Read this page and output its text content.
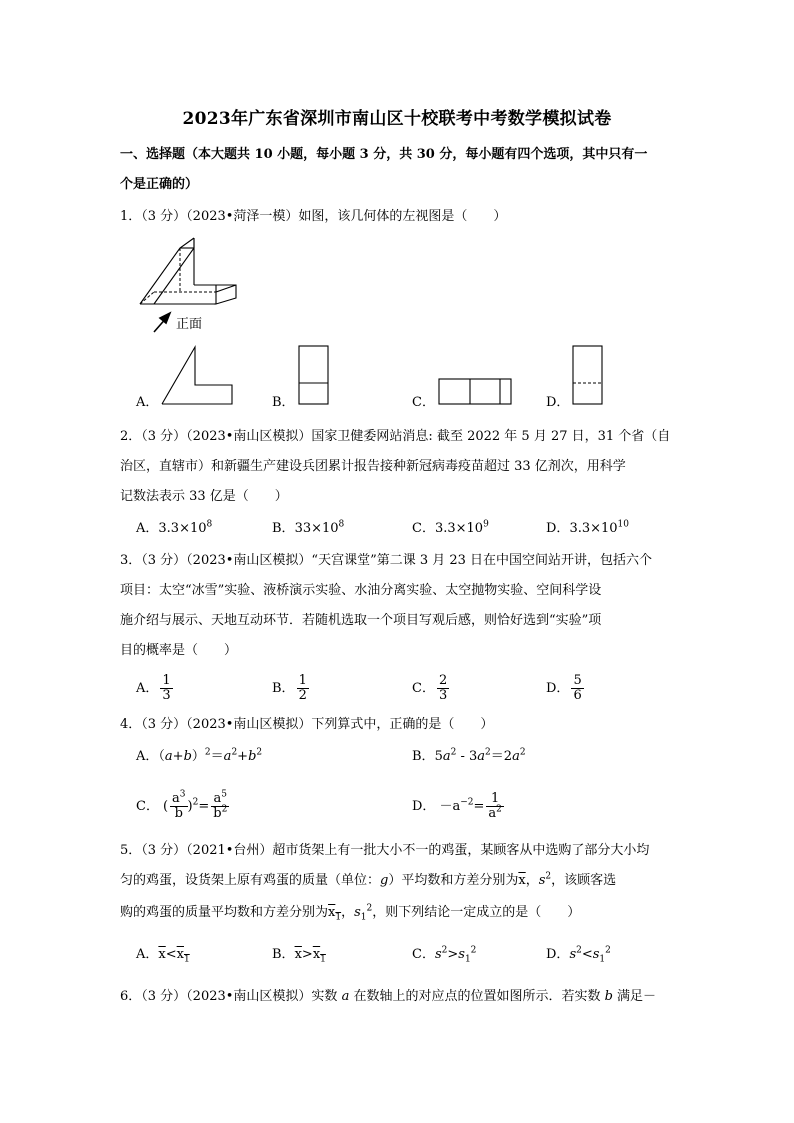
2023年广东省深圳市南山区十校联考中考数学模拟试卷
一、选择题（本大题共 10 小题，每小题 3 分，共 30 分，每小题有四个选项，其中只有一
个是正确的）
1．（3 分）（2023•菏泽一模）如图，该几何体的左视图是（　　）
正面
A．	B．	C．	D．
2．（3 分）（2023•南山区模拟）国家卫健委网站消息: 截至 2022 年 5 月 27 日，31 个省（自
治区，直辖市）和新疆生产建设兵团累计报告接种新冠病毒疫苗超过 33 亿剂次，用科学
记数法表示 33 亿是（　　）
A．$3.3\times 10^8$	B．$33\times 10^8$	C．$3.3\times 10^9$	D．$3.3\times 10^{10}$
3．（3 分）（2023•南山区模拟）“天宫课堂”第二课 3 月 23 日在中国空间站开讲，包括六个
项目：太空“冰雪”实验、液桥演示实验、水油分离实验、太空抛物实验、空间科学设
施介绍与展示、天地互动环节．若随机选取一个项目写观后感，则恰好选到“实验”项
目的概率是（　　）
A． $\frac{1}{3}$	B． $\frac{1}{2}$	C． $\frac{2}{3}$	D． $\frac{5}{6}$
4．（3 分）（2023•南山区模拟）下列算式中，正确的是（　　）
A．$(a+b)^2=a^2+b^2$	B．$5a^2 - 3a^2=2a^2$
C． ( $\frac{a^3}{b} )^2= \frac{a^5}{b^2}$	D． $-a^{-2}= \frac{1}{a^2}$
5．（3 分）（2021•台州）超市货架上有一批大小不一的鸡蛋，某顾客从中选购了部分大小均
匀的鸡蛋，设货架上原有鸡蛋的质量（单位：g）平均数和方差分别为$\overline{x}$，$s^2$，该顾客选
购的鸡蛋的质量平均数和方差分别为$x_1$，$s_1^2$，则下列结论一定成立的是（　　）
A．$\overline{x}<x_1$	B．$\overline{x}>x_1$	C．$s^2>s_1^2$	D．$s^2<s_1^2$
6．（3 分）（2023•南山区模拟）实数 a 在数轴上的对应点的位置如图所示．若实数 b 满足－
